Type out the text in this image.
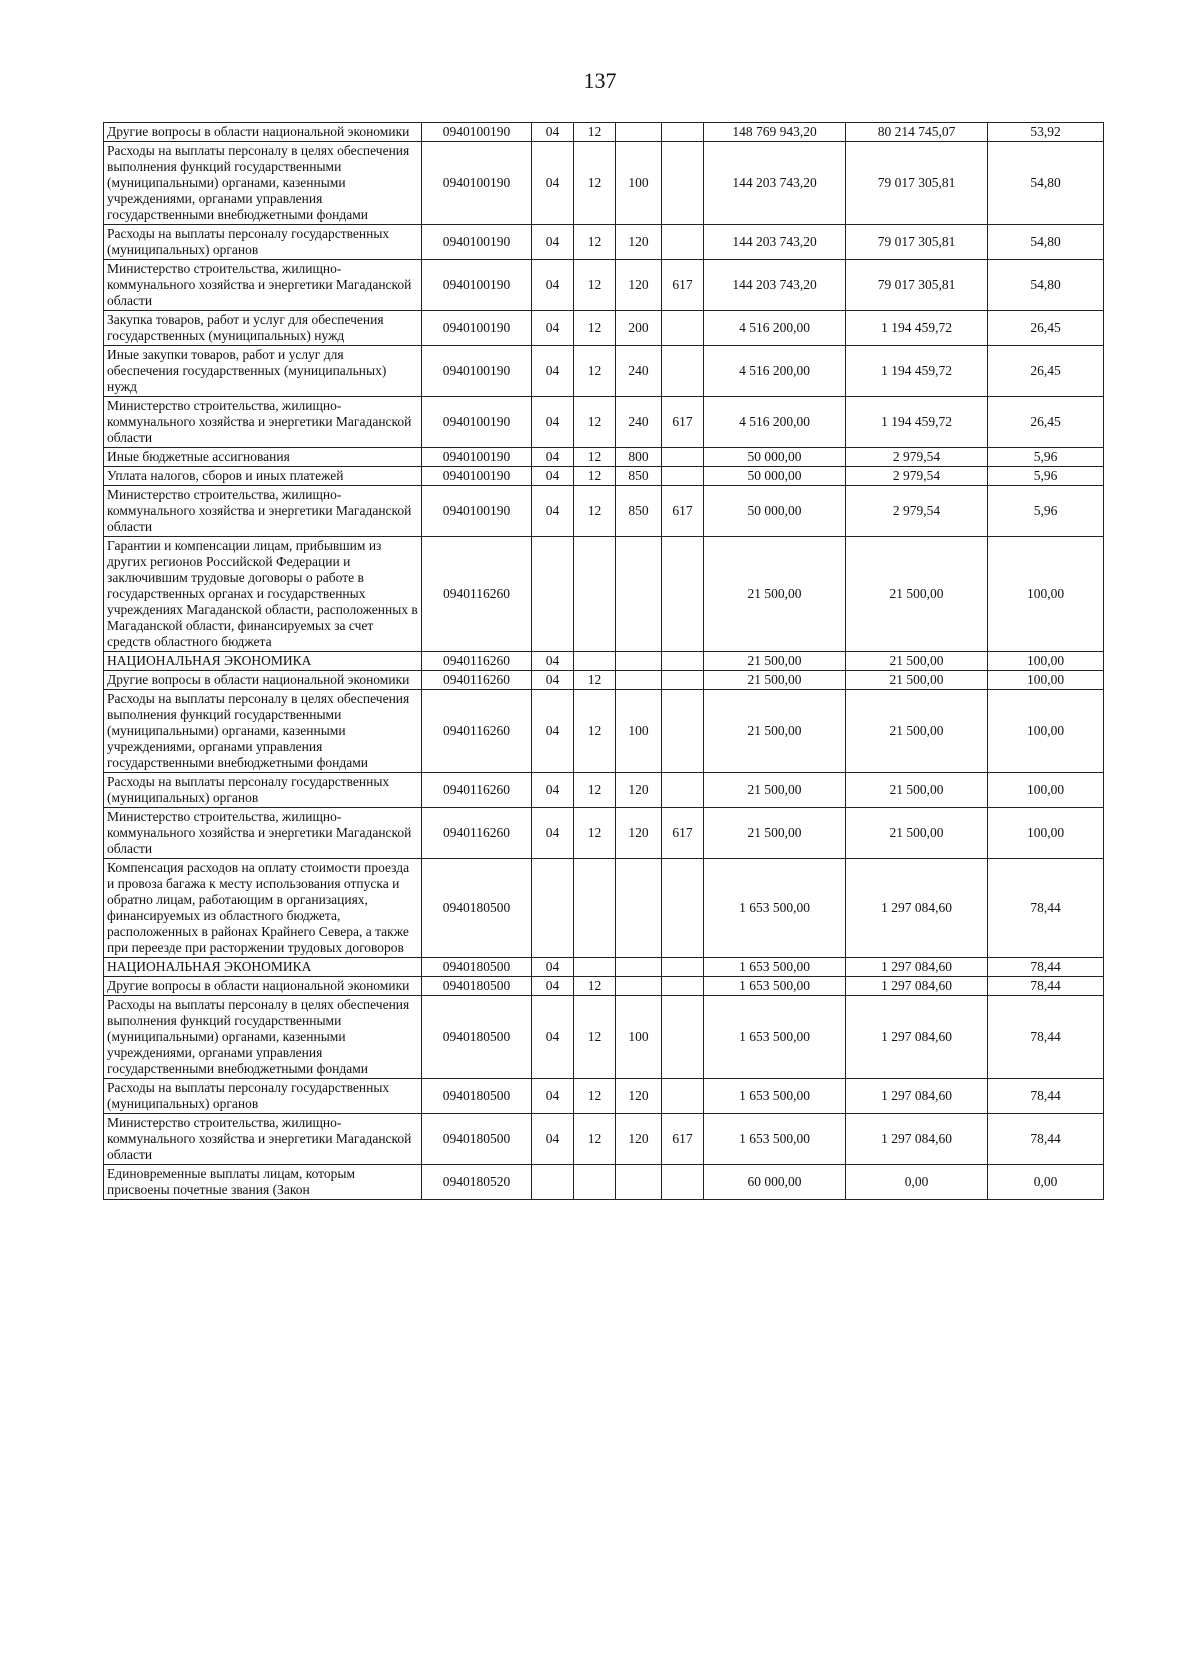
137
Другие вопросы в области национальной экономики	0940100190	04	12			148 769 943,20	80 214 745,07	53,92
Расходы на выплаты персоналу в целях обеспечения выполнения функций государственными (муниципальными) органами, казенными учреждениями, органами управления государственными внебюджетными фондами	0940100190	04	12	100		144 203 743,20	79 017 305,81	54,80
Расходы на выплаты персоналу государственных (муниципальных) органов	0940100190	04	12	120		144 203 743,20	79 017 305,81	54,80
Министерство строительства, жилищно-коммунального хозяйства и энергетики Магаданской области	0940100190	04	12	120	617	144 203 743,20	79 017 305,81	54,80
Закупка товаров, работ и услуг для обеспечения государственных (муниципальных) нужд	0940100190	04	12	200		4 516 200,00	1 194 459,72	26,45
Иные закупки товаров, работ и услуг для обеспечения государственных (муниципальных) нужд	0940100190	04	12	240		4 516 200,00	1 194 459,72	26,45
Министерство строительства, жилищно-коммунального хозяйства и энергетики Магаданской области	0940100190	04	12	240	617	4 516 200,00	1 194 459,72	26,45
Иные бюджетные ассигнования	0940100190	04	12	800		50 000,00	2 979,54	5,96
Уплата налогов, сборов и иных платежей	0940100190	04	12	850		50 000,00	2 979,54	5,96
Министерство строительства, жилищно-коммунального хозяйства и энергетики Магаданской области	0940100190	04	12	850	617	50 000,00	2 979,54	5,96
Гарантии и компенсации лицам, прибывшим из других регионов Российской Федерации и заключившим трудовые договоры о работе в государственных органах и государственных учреждениях Магаданской области, расположенных в Магаданской области, финансируемых за счет средств областного бюджета	0940116260					21 500,00	21 500,00	100,00
НАЦИОНАЛЬНАЯ ЭКОНОМИКА	0940116260	04				21 500,00	21 500,00	100,00
Другие вопросы в области национальной экономики	0940116260	04	12			21 500,00	21 500,00	100,00
Расходы на выплаты персоналу в целях обеспечения выполнения функций государственными (муниципальными) органами, казенными учреждениями, органами управления государственными внебюджетными фондами	0940116260	04	12	100		21 500,00	21 500,00	100,00
Расходы на выплаты персоналу государственных (муниципальных) органов	0940116260	04	12	120		21 500,00	21 500,00	100,00
Министерство строительства, жилищно-коммунального хозяйства и энергетики Магаданской области	0940116260	04	12	120	617	21 500,00	21 500,00	100,00
Компенсация расходов на оплату стоимости проезда и провоза багажа к месту использования отпуска и обратно лицам, работающим в организациях, финансируемых из областного бюджета, расположенных в районах Крайнего Севера, а также при переезде при расторжении трудовых договоров	0940180500					1 653 500,00	1 297 084,60	78,44
НАЦИОНАЛЬНАЯ ЭКОНОМИКА	0940180500	04				1 653 500,00	1 297 084,60	78,44
Другие вопросы в области национальной экономики	0940180500	04	12			1 653 500,00	1 297 084,60	78,44
Расходы на выплаты персоналу в целях обеспечения выполнения функций государственными (муниципальными) органами, казенными учреждениями, органами управления государственными внебюджетными фондами	0940180500	04	12	100		1 653 500,00	1 297 084,60	78,44
Расходы на выплаты персоналу государственных (муниципальных) органов	0940180500	04	12	120		1 653 500,00	1 297 084,60	78,44
Министерство строительства, жилищно-коммунального хозяйства и энергетики Магаданской области	0940180500	04	12	120	617	1 653 500,00	1 297 084,60	78,44
Единовременные выплаты лицам, которым присвоены почетные звания (Закон	0940180520					60 000,00	0,00	0,00
